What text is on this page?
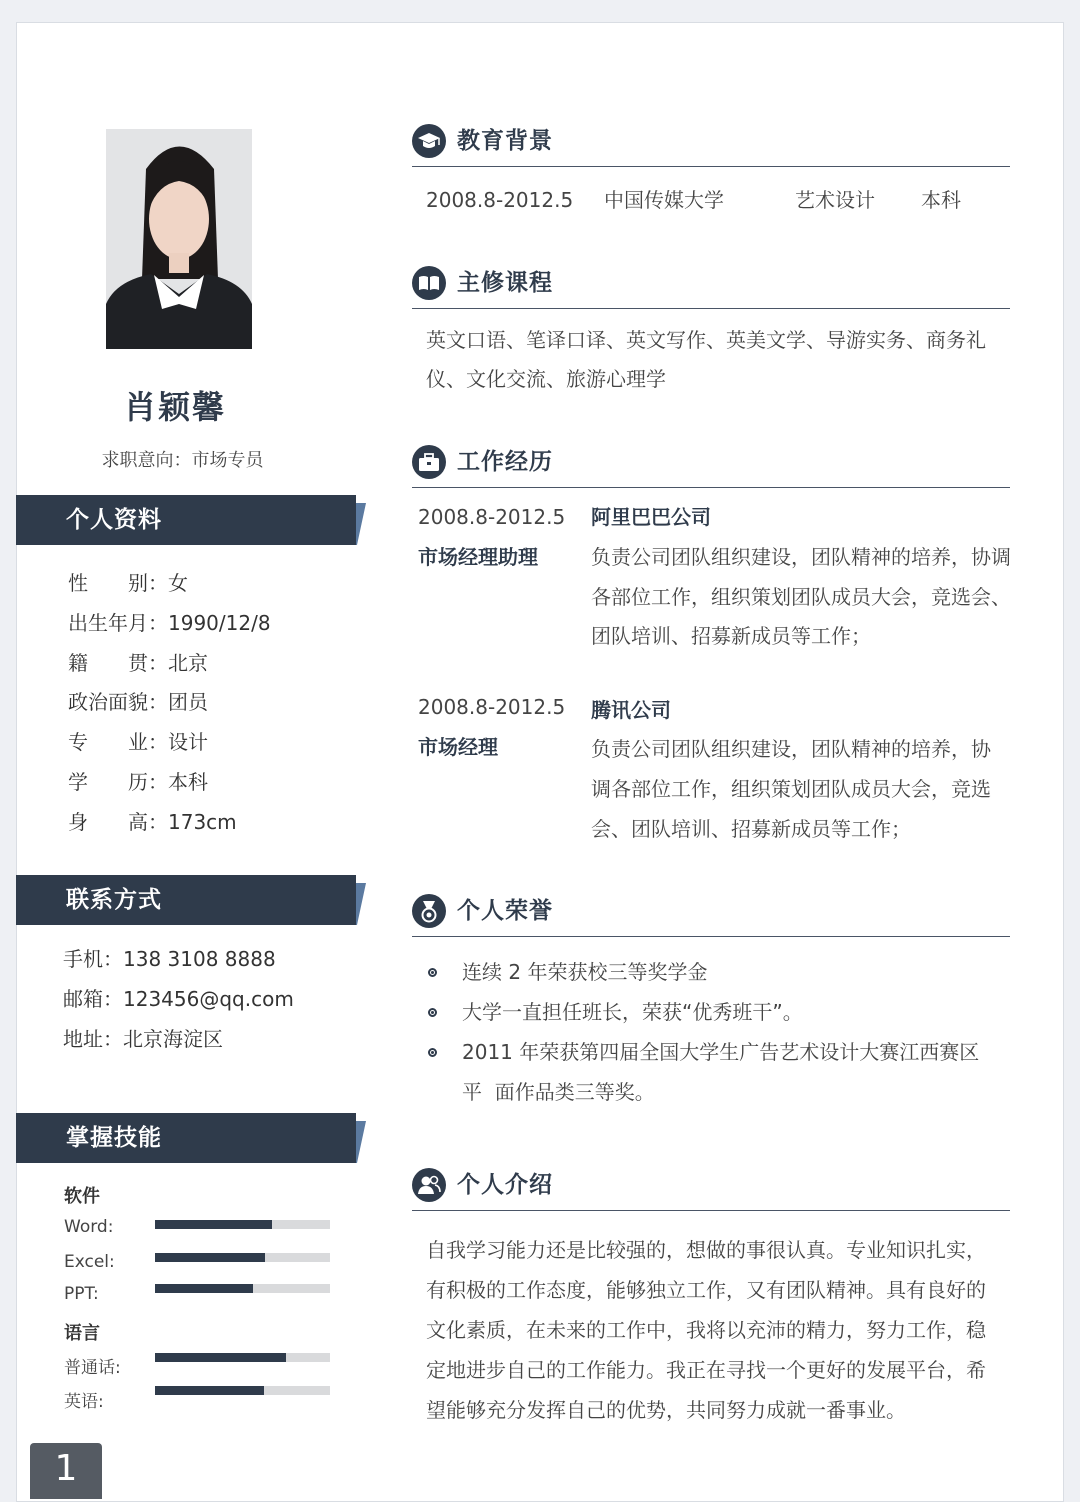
肖颖馨
求职意向：市场专员
个人资料
性　　别：女
出生年月：1990/12/8
籍　　贯：北京
政治面貌：团员
专　　业：设计
学　　历：本科
身　　高：173cm
联系方式
手机：138 3108 8888
邮箱：123456@qq.com
地址：北京海淀区
掌握技能
软件
Word:
Excel:
PPT:
语言
普通话:
英语:
教育背景
2008.8-2012.5 中国传媒大学	艺术设计 本科
主修课程
英文口语、笔译口译、英文写作、英美文学、导游实务、商务礼
仪、文化交流、旅游心理学
工作经历
2008.8-2012.5 阿里巴巴公司
市场经理助理	负责公司团队组织建设，团队精神的培养，协调
各部位工作，组织策划团队成员大会，竞选会、
团队培训、招募新成员等工作；
2008.8-2012.5 腾讯公司
市场经理	负责公司团队组织建设，团队精神的培养，协
调各部位工作，组织策划团队成员大会，竞选
会、团队培训、招募新成员等工作；
个人荣誉
连续 2 年荣获校三等奖学金
大学一直担任班长，荣获“优秀班干”。
2011 年荣获第四届全国大学生广告艺术设计大赛江西赛区
平  面作品类三等奖。
个人介绍
自我学习能力还是比较强的，想做的事很认真。专业知识扎实，
有积极的工作态度，能够独立工作，又有团队精神。具有良好的
文化素质，在未来的工作中，我将以充沛的精力，努力工作，稳
定地进步自己的工作能力。我正在寻找一个更好的发展平台，希
望能够充分发挥自己的优势，共同努力成就一番事业。
1
